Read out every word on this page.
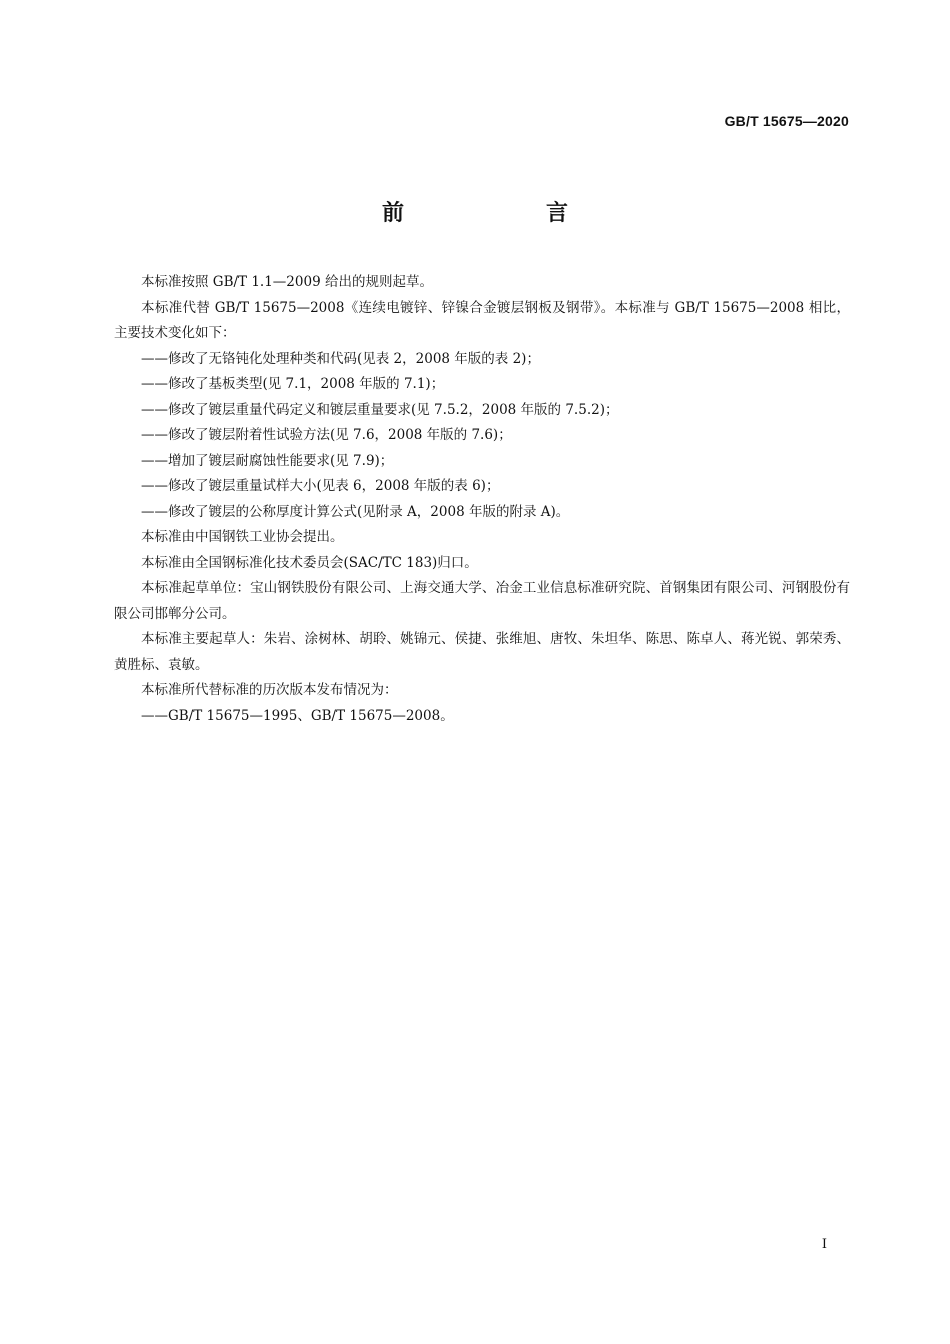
GB/T 15675—2020
前　言

本标准按照 GB/T 1.1—2009 给出的规则起草。

本标准代替 GB/T 15675—2008《连续电镀锌、锌镍合金镀层钢板及钢带》。本标准与 GB/T 15675—2008 相比，主要技术变化如下：

——修改了无铬钝化处理种类和代码(见表 2，2008 年版的表 2)；

——修改了基板类型(见 7.1，2008 年版的 7.1)；

——修改了镀层重量代码定义和镀层重量要求(见 7.5.2，2008 年版的 7.5.2)；

——修改了镀层附着性试验方法(见 7.6，2008 年版的 7.6)；

——增加了镀层耐腐蚀性能要求(见 7.9)；

——修改了镀层重量试样大小(见表 6，2008 年版的表 6)；

——修改了镀层的公称厚度计算公式(见附录 A，2008 年版的附录 A)。

本标准由中国钢铁工业协会提出。

本标准由全国钢标准化技术委员会(SAC/TC 183)归口。

本标准起草单位：宝山钢铁股份有限公司、上海交通大学、冶金工业信息标准研究院、首钢集团有限公司、河钢股份有限公司邯郸分公司。

本标准主要起草人：朱岩、涂树林、胡聆、姚锦元、侯捷、张维旭、唐牧、朱坦华、陈思、陈卓人、蒋光锐、郭荣秀、黄胜标、袁敏。

本标准所代替标准的历次版本发布情况为：

——GB/T 15675—1995、GB/T 15675—2008。

I
